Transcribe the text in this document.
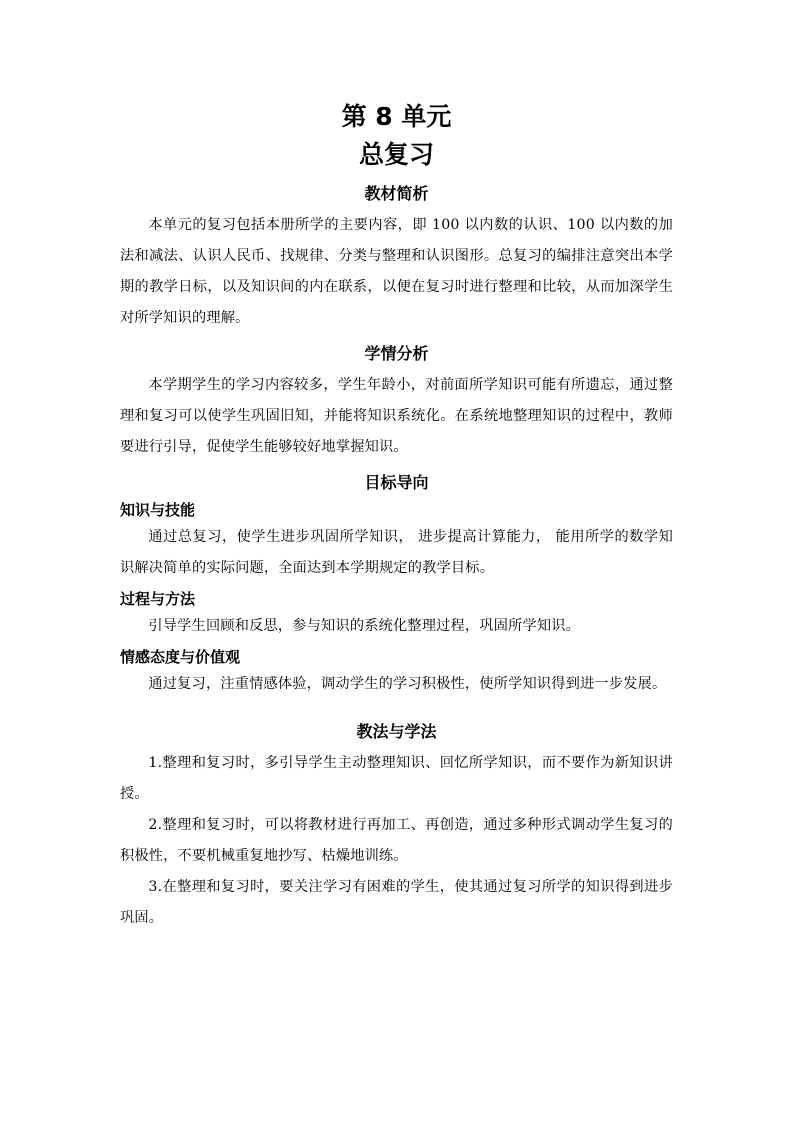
第 8 单元
总复习
教材简析

本单元的复习包括本册所学的主要内容，即 100 以内数的认识、100 以内数的加法和减法、认识人民币、找规律、分类与整理和认识图形。总复习的编排注意突出本学期的教学日标，以及知识间的内在联系，以便在复习时进行整理和比较，从而加深学生对所学知识的理解。

学情分析

本学期学生的学习内容较多，学生年龄小，对前面所学知识可能有所遗忘，通过整理和复习可以使学生巩固旧知，并能将知识系统化。在系统地整理知识的过程中，教师要进行引导，促使学生能够较好地掌握知识。

目标导向
知识与技能

通过总复习，使学生进步巩固所学知识， 进步提高计算能力， 能用所学的数学知识解决简单的实际问题，全面达到本学期规定的教学目标。

过程与方法

引导学生回顾和反思，参与知识的系统化整理过程，巩固所学知识。

情感态度与价值观

通过复习，注重情感体验，调动学生的学习积极性，使所学知识得到进一步发展。

教法与学法

1.整理和复习时，多引导学生主动整理知识、回忆所学知识，而不要作为新知识讲授。

2.整理和复习时，可以将教材进行再加工、再创造，通过多种形式调动学生复习的积极性，不要机械重复地抄写、枯燥地训练。

3.在整理和复习时，要关注学习有困难的学生，使其通过复习所学的知识得到进步巩固。
